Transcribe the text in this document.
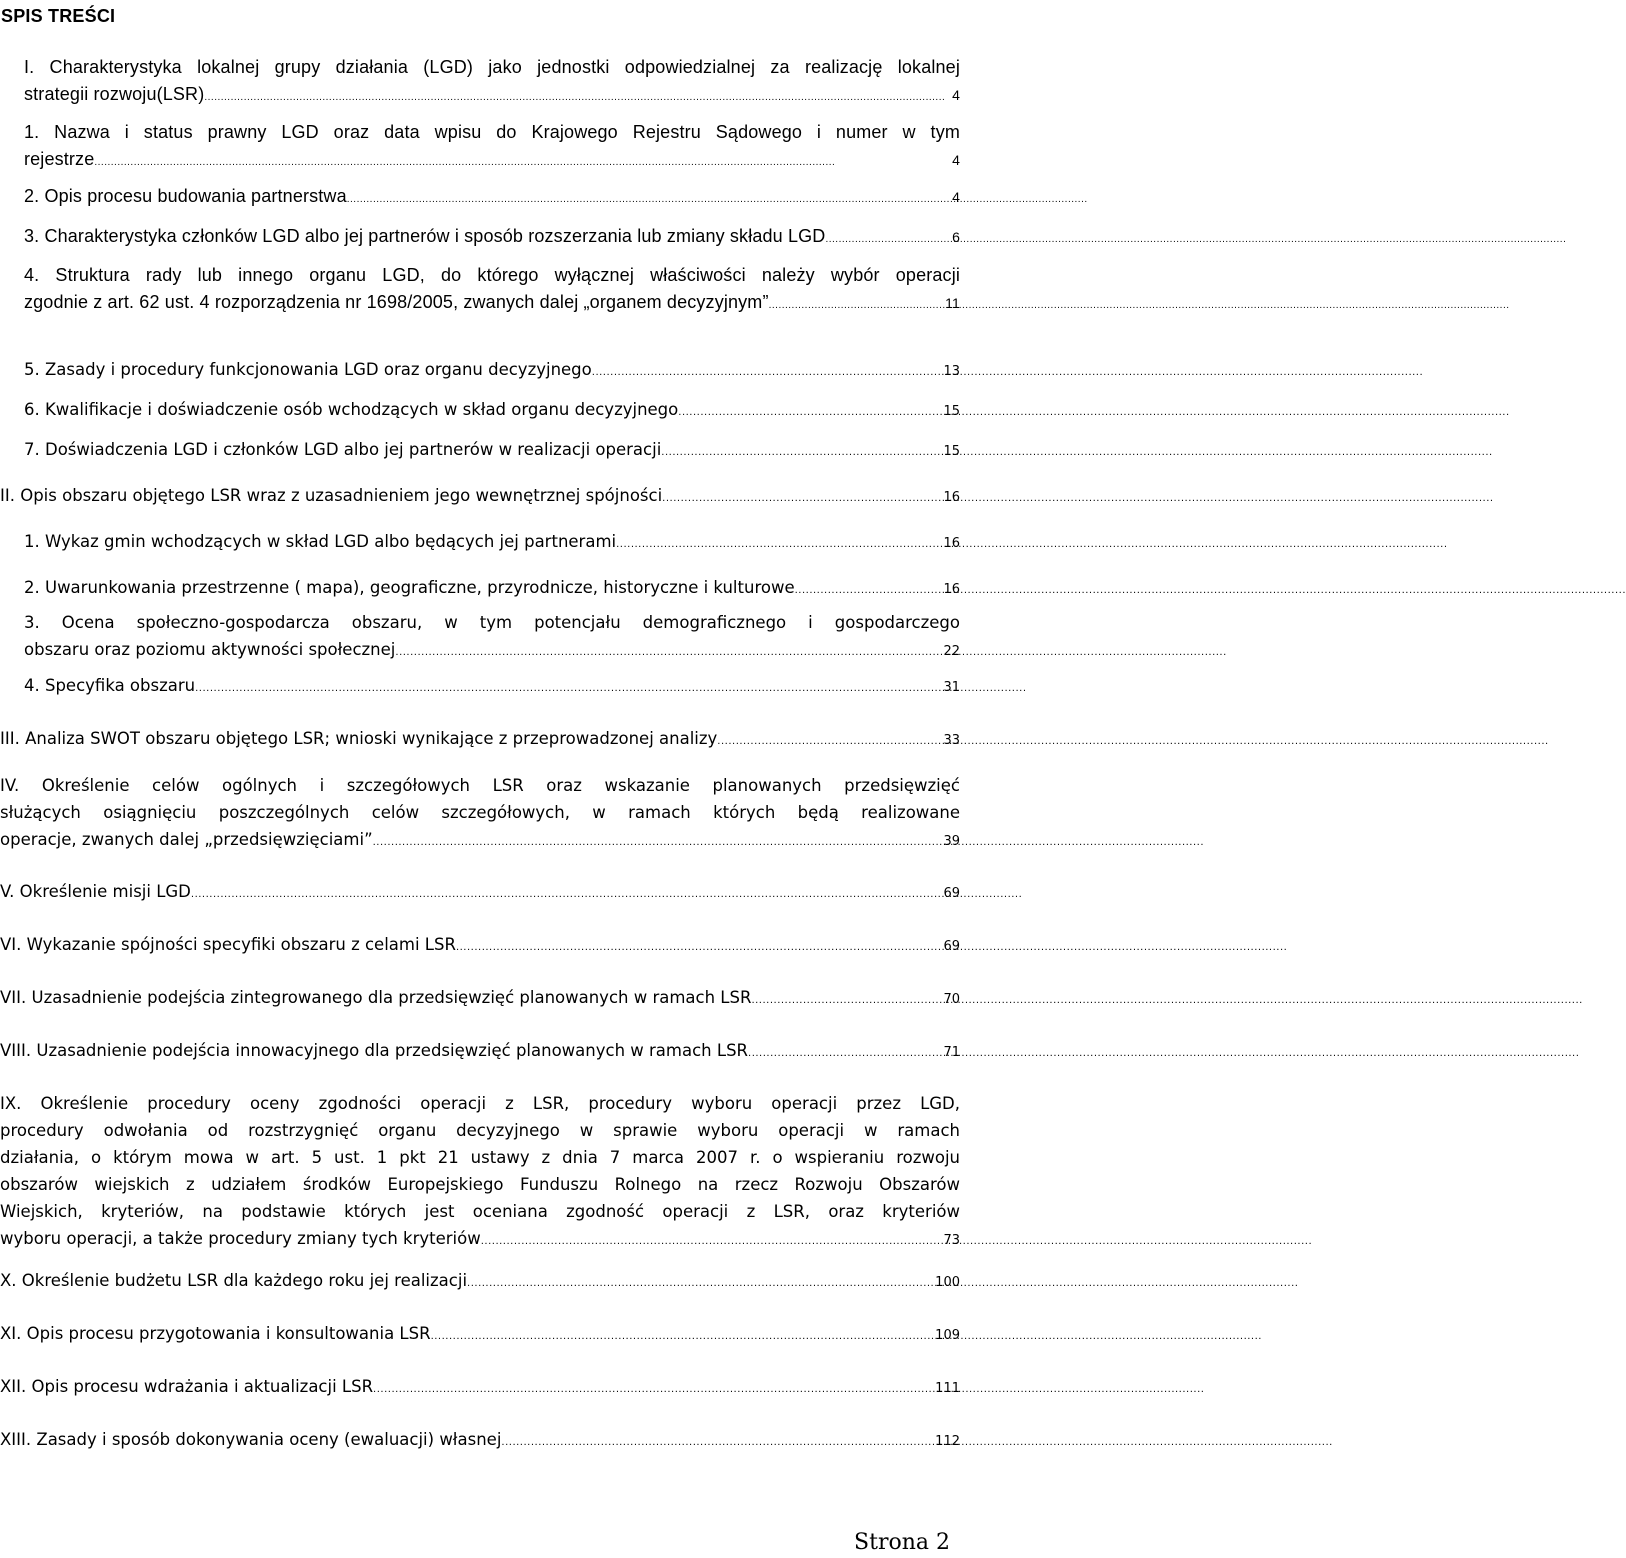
SPIS TREŚCI
I. Charakterystyka lokalnej grupy działania (LGD) jako jednostki odpowiedzialnej za realizację lokalnej
strategii rozwoju(LSR) .....	4
1. Nazwa i status prawny LGD oraz data wpisu do Krajowego Rejestru Sądowego i numer w tym
rejestrze .....	4
2. Opis procesu budowania partnerstwa .....	4
3. Charakterystyka członków LGD albo jej partnerów i sposób rozszerzania lub zmiany składu LGD .....	6
4. Struktura rady lub innego organu LGD, do którego wyłącznej właściwości należy wybór operacji
zgodnie z art. 62 ust. 4 rozporządzenia nr 1698/2005, zwanych dalej „organem decyzyjnym” .....	11
5. Zasady i procedury funkcjonowania LGD oraz organu decyzyjnego .....	13
6. Kwalifikacje i doświadczenie osób wchodzących w skład organu decyzyjnego .....	15
7. Doświadczenia LGD i członków LGD albo jej partnerów w realizacji operacji .....	15
II. Opis obszaru objętego LSR wraz z uzasadnieniem jego wewnętrznej spójności .....	16
1. Wykaz gmin wchodzących w skład LGD albo będących jej partnerami .....	16
2. Uwarunkowania przestrzenne ( mapa), geograficzne, przyrodnicze, historyczne i kulturowe .....	16
3. Ocena społeczno-gospodarcza obszaru, w tym potencjału demograficznego i gospodarczego
obszaru oraz poziomu aktywności społecznej .....	22
4. Specyfika obszaru .....	31
III. Analiza SWOT obszaru objętego LSR; wnioski wynikające z przeprowadzonej analizy .....	33
IV. Określenie celów ogólnych i szczegółowych LSR oraz wskazanie planowanych przedsięwzięć
służących osiągnięciu poszczególnych celów szczegółowych, w ramach których będą realizowane
operacje, zwanych dalej „przedsięwzięciami” .....	39
V. Określenie misji LGD .....	69
VI. Wykazanie spójności specyfiki obszaru z celami LSR .....	69
VII. Uzasadnienie podejścia zintegrowanego dla przedsięwzięć planowanych w ramach LSR .....	70
VIII. Uzasadnienie podejścia innowacyjnego dla przedsięwzięć planowanych w ramach LSR .....	71
IX. Określenie procedury oceny zgodności operacji z LSR, procedury wyboru operacji przez LGD,
procedury odwołania od rozstrzygnięć organu decyzyjnego w sprawie wyboru operacji w ramach
działania, o którym mowa w art. 5 ust. 1 pkt 21 ustawy z dnia 7 marca 2007 r. o wspieraniu rozwoju
obszarów wiejskich z udziałem środków Europejskiego Funduszu Rolnego na rzecz Rozwoju Obszarów
Wiejskich, kryteriów, na podstawie których jest oceniana zgodność operacji z LSR, oraz kryteriów
wyboru operacji, a także procedury zmiany tych kryteriów .....	73
X. Określenie budżetu LSR dla każdego roku jej realizacji .....	100
XI. Opis procesu przygotowania i konsultowania LSR .....	109
XII. Opis procesu wdrażania i aktualizacji LSR .....	111
XIII. Zasady i sposób dokonywania oceny (ewaluacji) własnej .....	112
Strona 2
